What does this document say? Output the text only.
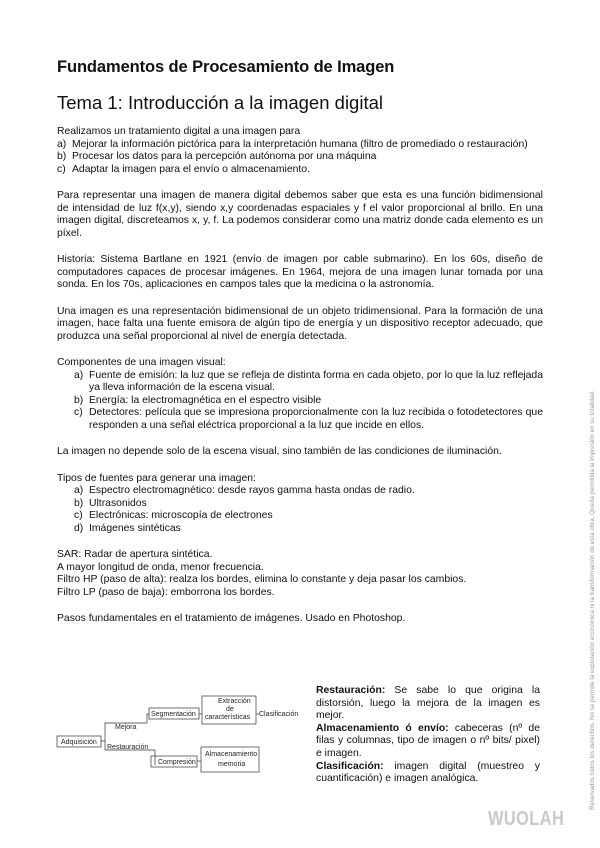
Fundamentos de Procesamiento de Imagen
Tema 1: Introducción a la imagen digital
Realizamos un tratamiento digital a una imagen para
a) Mejorar la información pictórica para la interpretación humana (filtro de promediado o restauración)
b) Procesar los datos para la percepción autónoma por una máquina
c) Adaptar la imagen para el envío o almacenamiento.

Para representar una imagen de manera digital debemos saber que esta es una función bidimensional de intensidad de luz f(x,y), siendo x,y coordenadas espaciales y f el valor proporcional al brillo. En una imagen digital, discreteamos x, y, f. La podemos considerar como una matriz donde cada elemento es un píxel.

Historia: Sistema Bartlane en 1921 (envío de imagen por cable submarino). En los 60s, diseño de computadores capaces de procesar imágenes. En 1964, mejora de una imagen lunar tomada por una sonda. En los 70s, aplicaciones en campos tales que la medicina o la astronomía.

Una imagen es una representación bidimensional de un objeto tridimensional. Para la formación de una imagen, hace falta una fuente emisora de algún tipo de energía y un dispositivo receptor adecuado, que produzca una señal proporcional al nivel de energía detectada.

Componentes de una imagen visual:
a) Fuente de emisión: la luz que se refleja de distinta forma en cada objeto, por lo que la luz reflejada ya lleva información de la escena visual.
b) Energía: la electromagnética en el espectro visible
c) Detectores: película que se impresiona proporcionalmente con la luz recibida o fotodetectores que responden a una señal eléctrica proporcional a la luz que incide en ellos.

La imagen no depende solo de la escena visual, sino también de las condiciones de iluminación.

Tipos de fuentes para generar una imagen:
a) Espectro electromagnético: desde rayos gamma hasta ondas de radio.
b) Ultrasonidos
c) Electrónicas: microscopía de electrones
d) Imágenes sintéticas

SAR: Radar de apertura sintética.

A mayor longitud de onda, menor frecuencia.

Filtro HP (paso de alta): realza los bordes, elimina lo constante y deja pasar los cambios.

Filtro LP (paso de baja): emborrona los bordes.

Pasos fundamentales en el tratamiento de imágenes. Usado en Photoshop.

Adquisición
Mejora
Restauración
Segmentación
Extracción
de
características Clasificación
Compresión
Almacenamiento
memoria

Restauración: Se sabe lo que origina la distorsión, luego la mejora de la imagen es mejor.

Almacenamiento ó envío: cabeceras (nº de filas y columnas, tipo de imagen o nº bits/ pixel) e imagen.

Clasificación: imagen digital (muestreo y cuantificación) e imagen analógica.	Reservados todos los derechos. No se permite la explotación económica ni la transformación de esta obra. Queda permitida la impresión en su totalidad.
WUOLAH
